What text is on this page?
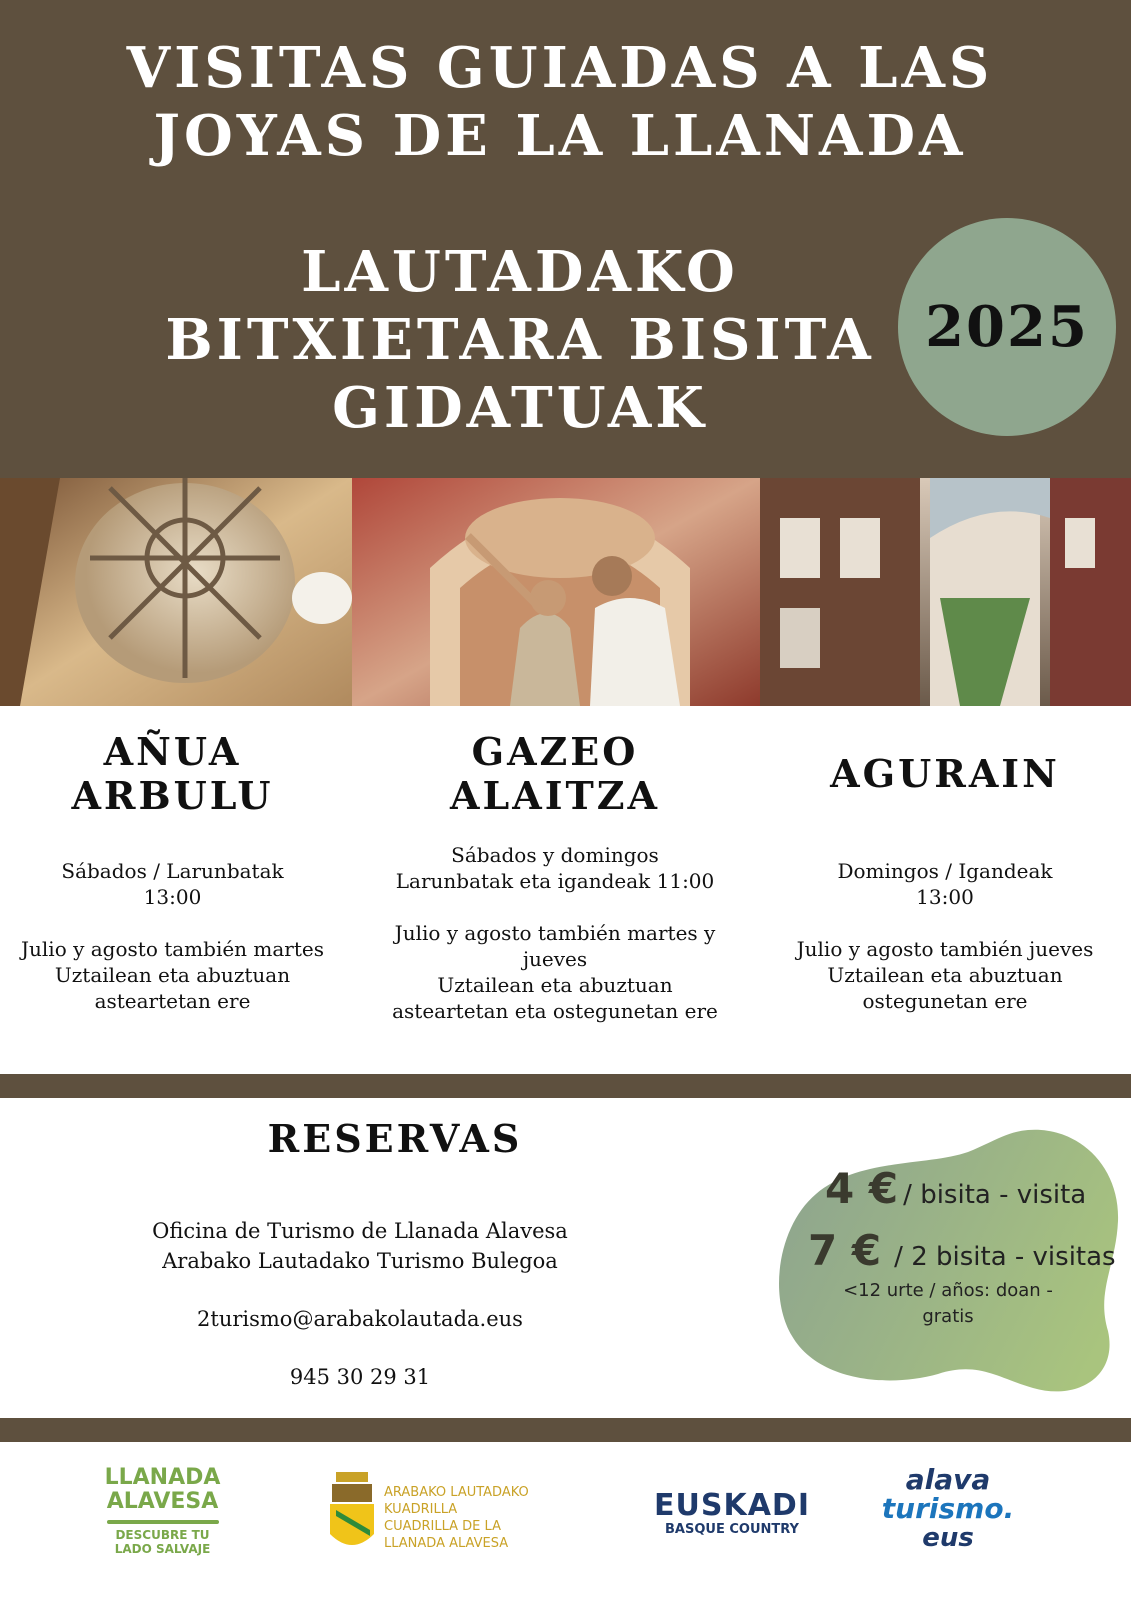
VISITAS GUIADAS A LAS
JOYAS DE LA LLANADA
LAUTADAKO
BITXIETARA BISITA
GIDATUAK
2025
AÑUA
ARBULU
Sábados / Larunbatak
13:00
Julio y agosto también martes
Uztailean eta abuztuan
asteartetan ere
GAZEO
ALAITZA
Sábados y domingos
Larunbatak eta igandeak 11:00
Julio y agosto también martes y
jueves
Uztailean eta abuztuan
asteartetan eta ostegunetan ere
AGURAIN
Domingos / Igandeak
13:00
Julio y agosto también jueves
Uztailean eta abuztuan
ostegunetan ere
RESERVAS
Oficina de Turismo de Llanada Alavesa
Arabako Lautadako Turismo Bulegoa
2turismo@arabakolautada.eus
945 30 29 31
4 € / bisita - visita
7 € / 2 bisita - visitas
<12 urte / años: doan -
gratis
LLANADA
ALAVESA
DESCUBRE TU
LADO SALVAJE
ARABAKO LAUTADAKO
KUADRILLA
CUADRILLA DE LA
LLANADA ALAVESA
EUSKADI
BASQUE COUNTRY
alava
turismo.
eus
